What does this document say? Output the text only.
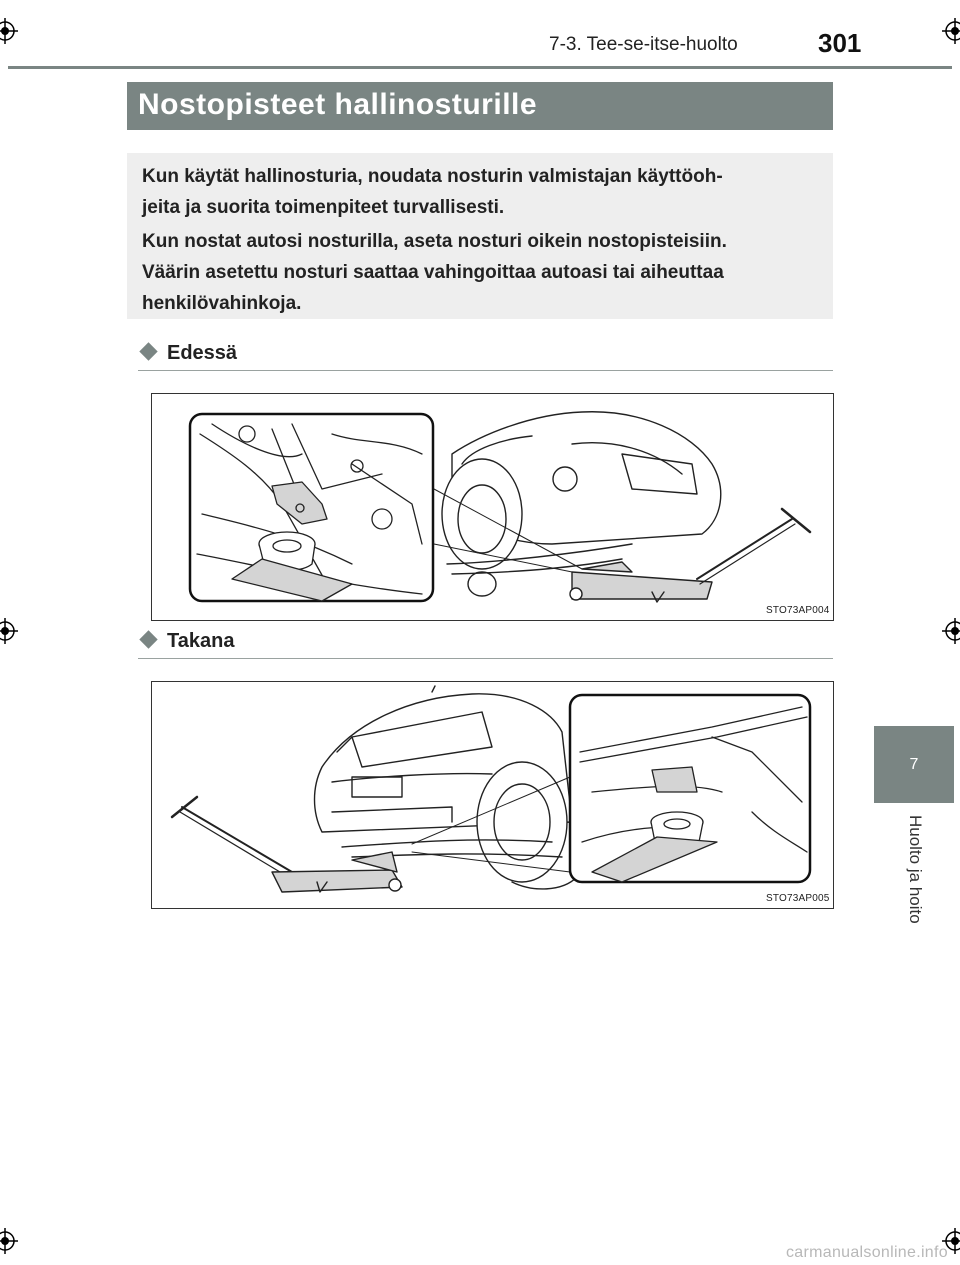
7-3. Tee-se-itse-huolto	301
Nostopisteet hallinosturille

Kun käytät hallinosturia, noudata nosturin valmistajan käyttöoh-

jeita ja suorita toimenpiteet turvallisesti.

Kun nostat autosi nosturilla, aseta nosturi oikein nostopisteisiin.

Väärin asetettu nosturi saattaa vahingoittaa autoasi tai aiheuttaa

henkilövahinkoja.

Edessä
STO73AP004
Takana
STO73AP005
7
Huolto ja hoito
carmanualsonline.info
